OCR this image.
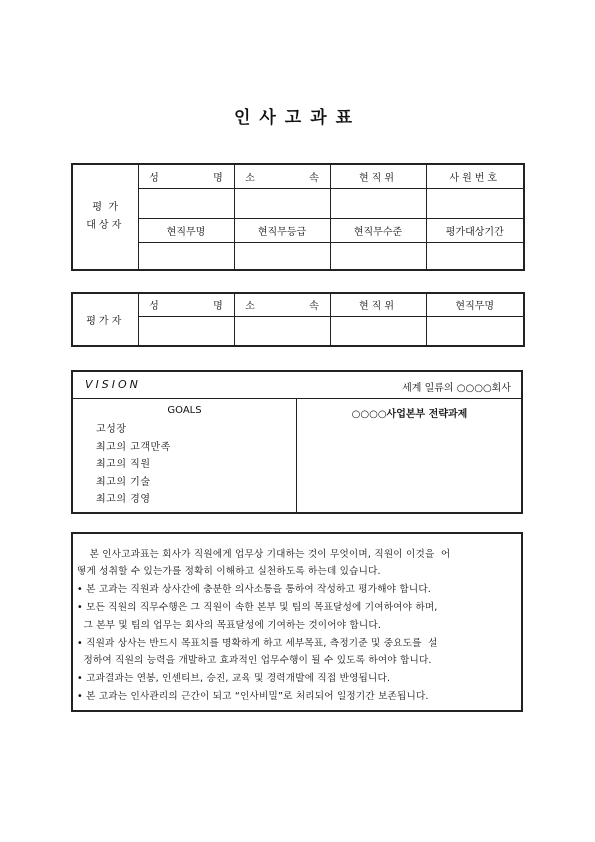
인사고과표
평  가
대상자	성  명	소  속	현직위	사원번호

	현직무명	현직무등급	현직무수준	평가대상기간

평가자	성  명	소  속	현직위	현직무명

VISION	세계 일류의 ○○○○회사
GOALS
고성장
최고의 고객만족
최고의 직원
최고의 기술
최고의 경영
○○○○사업본부 전략과제
본 인사고과표는 회사가 직원에게 업무상 기대하는 것이 무엇이며, 직원이 이것을  어
떻게 성취할 수 있는가를 정확히 이해하고 실천하도록 하는데 있습니다.
• 본 고과는 직원과 상사간에 충분한 의사소통을 통하여 작성하고 평가해야 합니다.
• 모든 직원의 직무수행은 그 직원이 속한 본부 및 팀의 목표달성에 기여하여야 하며,
그 본부 및 팀의 업무는 회사의 목표달성에 기여하는 것이어야 합니다.
• 직원과 상사는 반드시 목표치를 명확하게 하고 세부목표, 측정기준 및 중요도를  설
정하여 직원의 능력을 개발하고 효과적인 업무수행이 될 수 있도록 하여야 합니다.
• 고과결과는 연봉, 인센티브, 승진, 교육 및 경력개발에 직접 반영됩니다.
• 본 고과는 인사관리의 근간이 되고 “인사비밀”로 처리되어 일정기간 보존됩니다.
